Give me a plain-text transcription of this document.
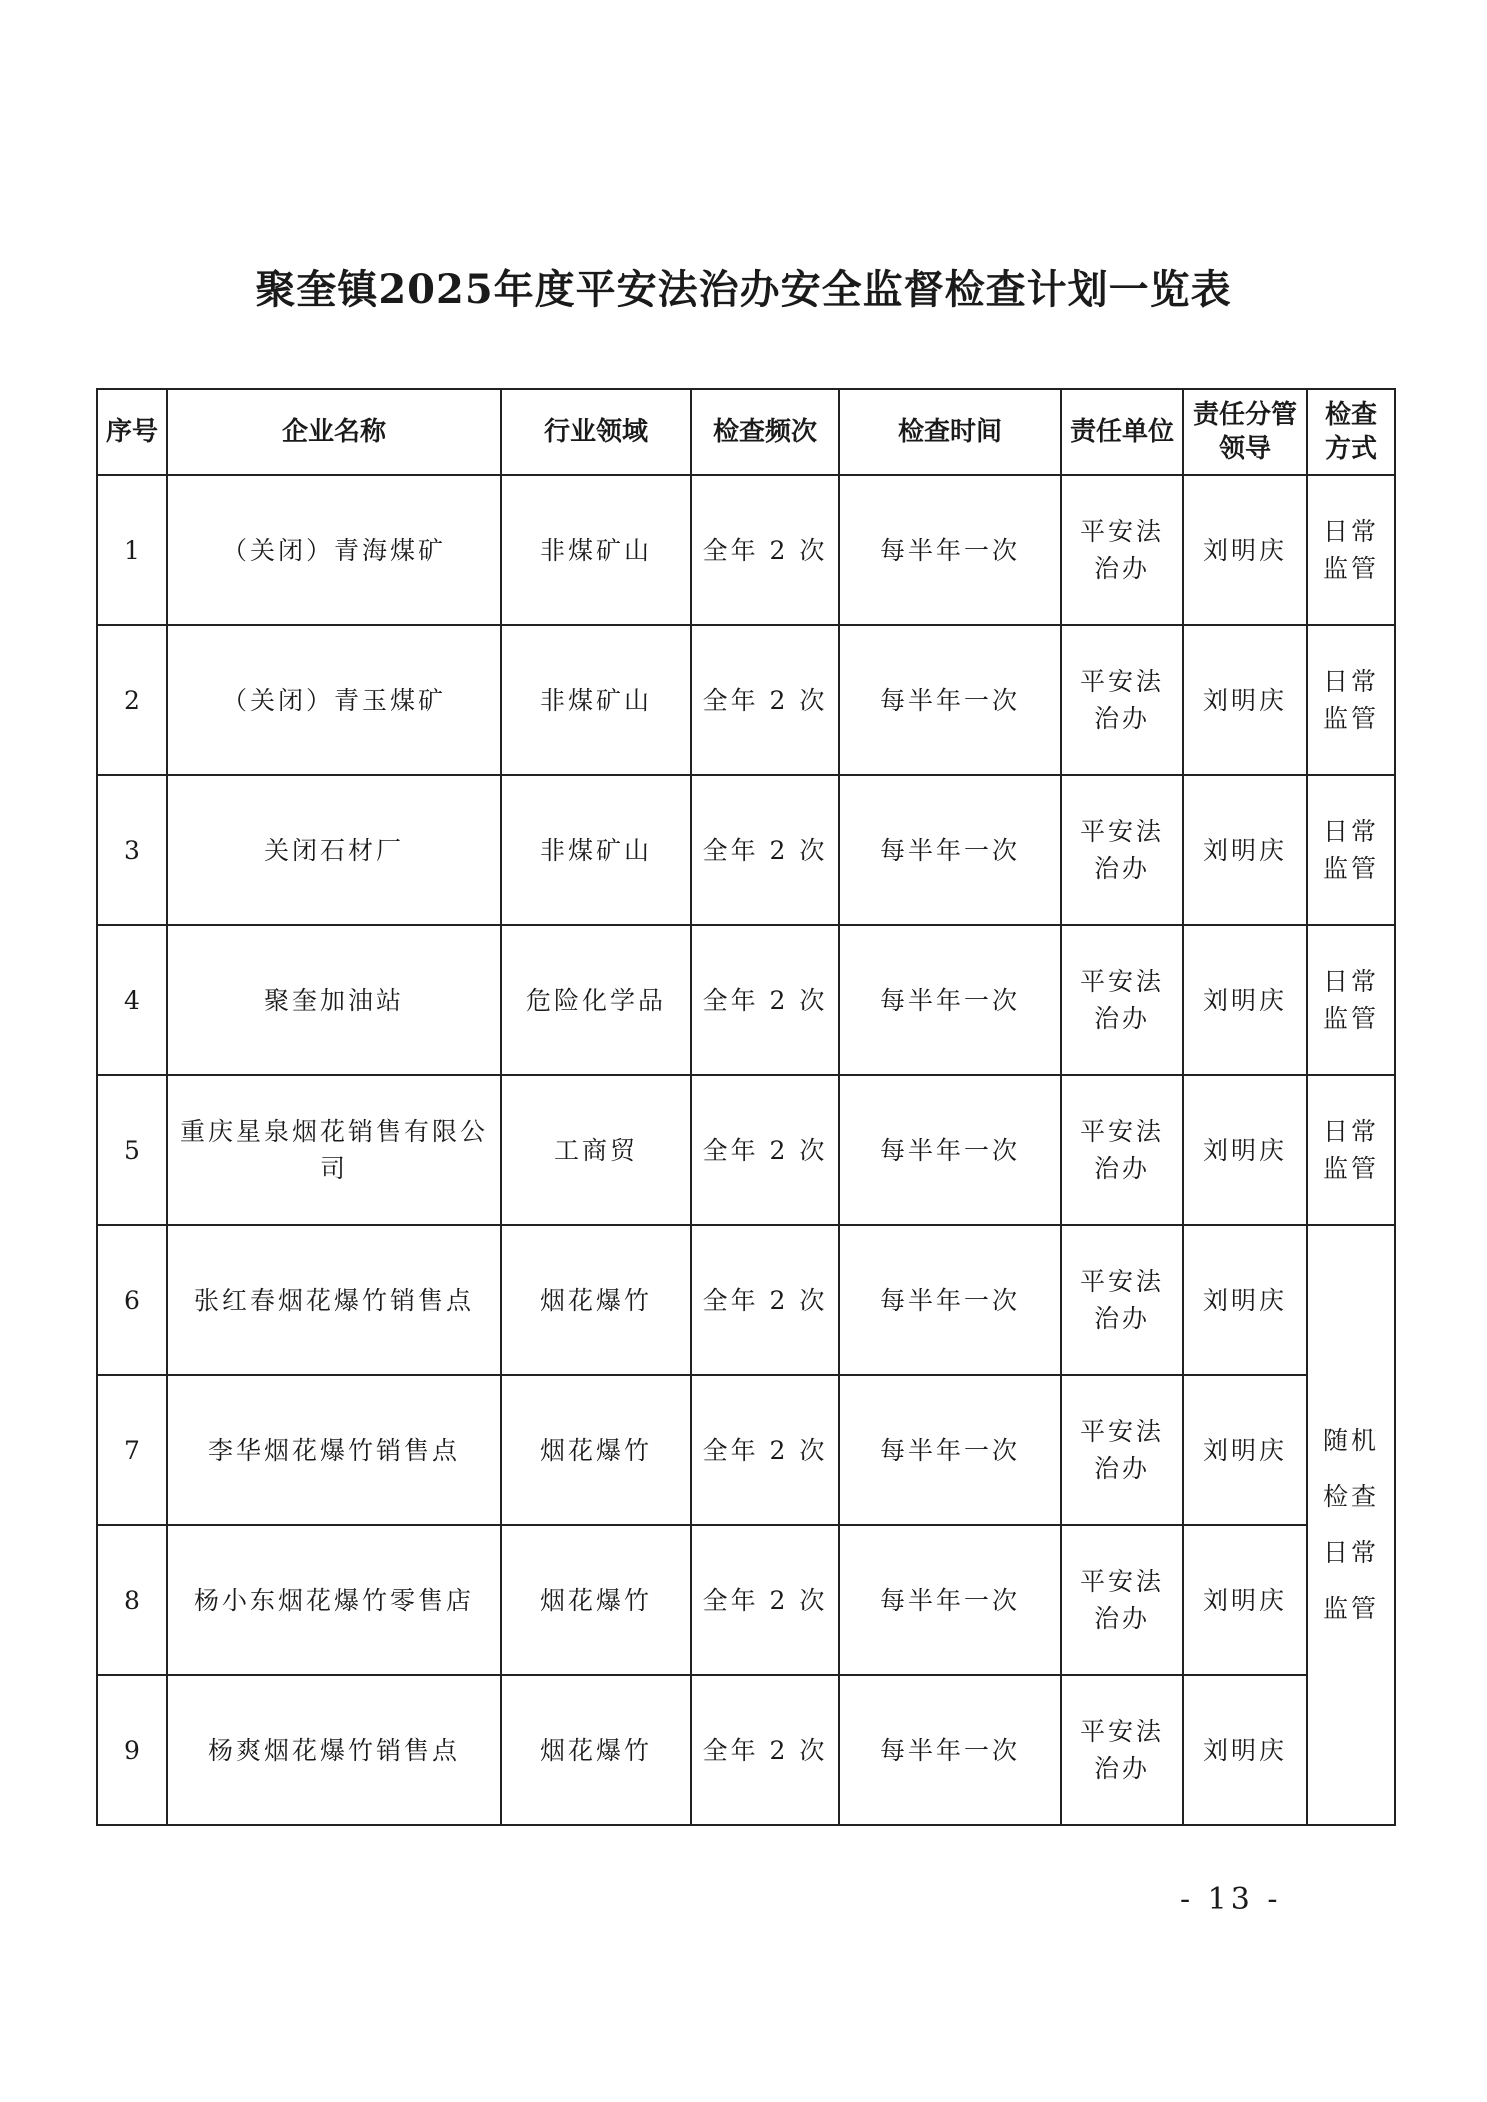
聚奎镇2025年度平安法治办安全监督检查计划一览表
序号	企业名称	行业领域	检查频次	检查时间	责任单位	责任分管领导	检查方式
1	（关闭）青海煤矿	非煤矿山	全年 2 次	每半年一次	平安法治办	刘明庆	日常监管
2	（关闭）青玉煤矿	非煤矿山	全年 2 次	每半年一次	平安法治办	刘明庆	日常监管
3	关闭石材厂	非煤矿山	全年 2 次	每半年一次	平安法治办	刘明庆	日常监管
4	聚奎加油站	危险化学品	全年 2 次	每半年一次	平安法治办	刘明庆	日常监管
5	重庆星泉烟花销售有限公司	工商贸	全年 2 次	每半年一次	平安法治办	刘明庆	日常监管
6	张红春烟花爆竹销售点	烟花爆竹	全年 2 次	每半年一次	平安法治办	刘明庆	随机检查日常监管
7	李华烟花爆竹销售点	烟花爆竹	全年 2 次	每半年一次	平安法治办	刘明庆	
8	杨小东烟花爆竹零售店	烟花爆竹	全年 2 次	每半年一次	平安法治办	刘明庆	
9	杨爽烟花爆竹销售点	烟花爆竹	全年 2 次	每半年一次	平安法治办	刘明庆	
- 13 -
